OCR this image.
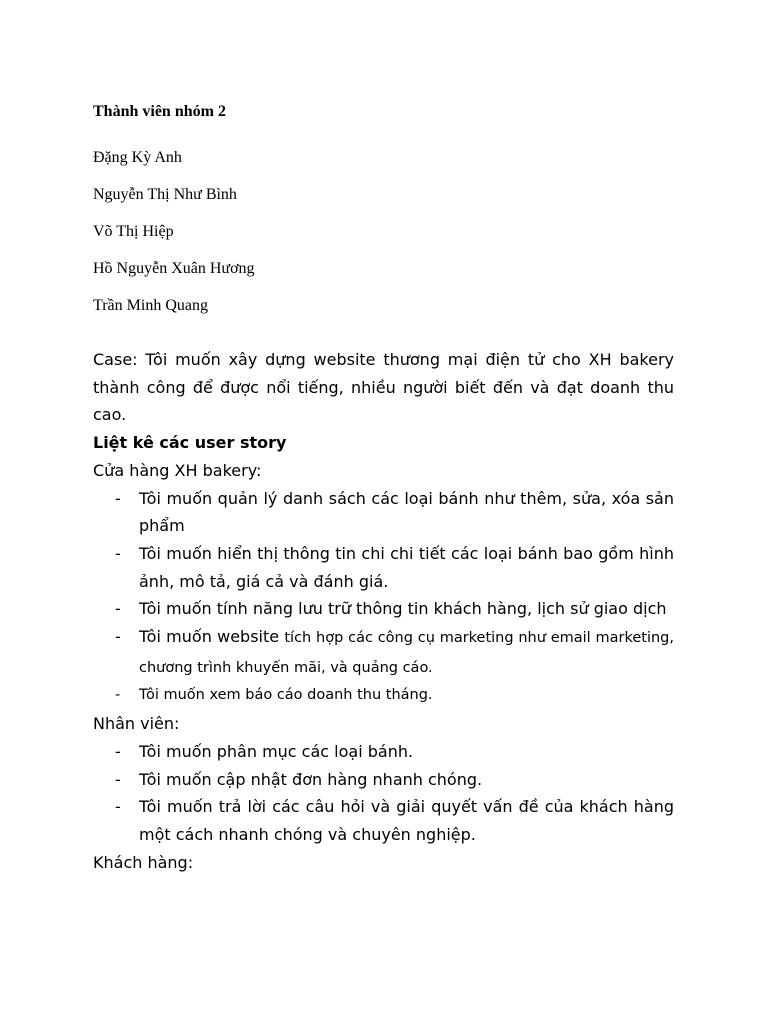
Thành viên nhóm 2
Đặng Kỳ Anh
Nguyễn Thị Như Bình
Võ Thị Hiệp
Hồ Nguyễn Xuân Hương
Trần Minh Quang

Case: Tôi muốn xây dựng website thương mại điện tử cho XH bakery thành công để được nổi tiếng, nhiều người biết đến và đạt doanh thu cao.

Liệt kê các user story

Cửa hàng XH bakery:

- Tôi muốn quản lý danh sách các loại bánh như thêm, sửa, xóa sản phẩm
- Tôi muốn hiển thị thông tin chi chi tiết các loại bánh bao gồm hình ảnh, mô tả, giá cả và đánh giá.
- Tôi muốn tính năng lưu trữ thông tin khách hàng, lịch sử giao dịch
- Tôi muốn website tích hợp các công cụ marketing như email marketing, chương trình khuyến mãi, và quảng cáo.
- Tôi muốn xem báo cáo doanh thu tháng.

Nhân viên:

- Tôi muốn phân mục các loại bánh.
- Tôi muốn cập nhật đơn hàng nhanh chóng.
- Tôi muốn trả lời các câu hỏi và giải quyết vấn đề của khách hàng một cách nhanh chóng và chuyên nghiệp.

Khách hàng:
